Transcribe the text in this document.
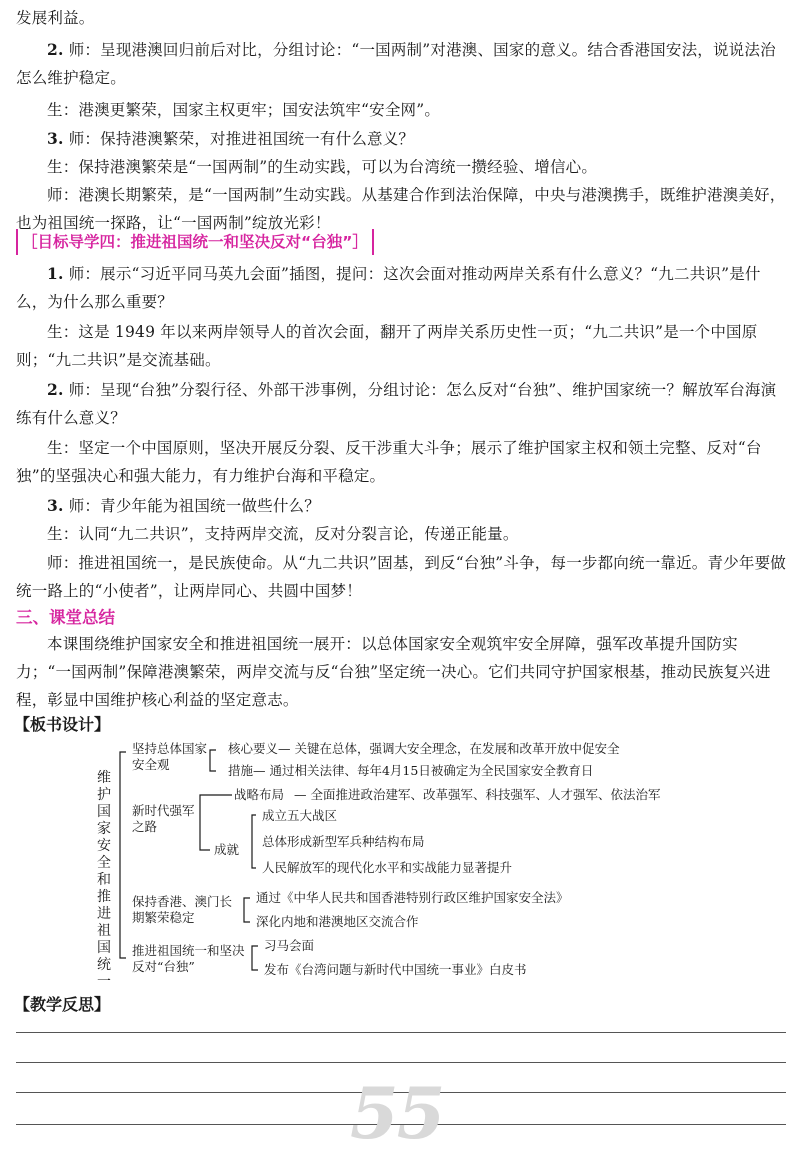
发展利益。
2. 师：呈现港澳回归前后对比，分组讨论：“一国两制”对港澳、国家的意义。结合香港国安法，说说法治怎么维护稳定。
生：港澳更繁荣，国家主权更牢；国安法筑牢“安全网”。
3. 师：保持港澳繁荣，对推进祖国统一有什么意义？
生：保持港澳繁荣是“一国两制”的生动实践，可以为台湾统一攒经验、增信心。
师：港澳长期繁荣，是“一国两制”生动实践。从基建合作到法治保障，中央与港澳携手，既维护港澳美好，也为祖国统一探路，让“一国两制”绽放光彩！
［目标导学四：推进祖国统一和坚决反对“台独”］
1. 师：展示“习近平同马英九会面”插图，提问：这次会面对推动两岸关系有什么意义？“九二共识”是什么，为什么那么重要？
生：这是 1949 年以来两岸领导人的首次会面，翻开了两岸关系历史性一页；“九二共识”是一个中国原则；“九二共识”是交流基础。
2. 师：呈现“台独”分裂行径、外部干涉事例，分组讨论：怎么反对“台独”、维护国家统一？解放军台海演练有什么意义？
生：坚定一个中国原则，坚决开展反分裂、反干涉重大斗争；展示了维护国家主权和领土完整、反对“台独”的坚强决心和强大能力，有力维护台海和平稳定。
3. 师：青少年能为祖国统一做些什么？
生：认同“九二共识”，支持两岸交流，反对分裂言论，传递正能量。
师：推进祖国统一，是民族使命。从“九二共识”固基，到反“台独”斗争，每一步都向统一靠近。青少年要做统一路上的“小使者”，让两岸同心、共圆中国梦！
三、课堂总结
本课围绕维护国家安全和推进祖国统一展开：以总体国家安全观筑牢安全屏障，强军改革提升国防实力；“一国两制”保障港澳繁荣，两岸交流与反“台独”坚定统一决心。它们共同守护国家根基，推动民族复兴进程，彰显中国维护核心利益的坚定意志。
【板书设计】
维护国家安全和推进祖国统一
坚持总体国家安全观
核心要义— 关键在总体，强调大安全理念，在发展和改革开放中促安全
措施— 通过相关法律、每年4月15日被确定为全民国家安全教育日
新时代强军之路
战略布局 — 全面推进政治建军、改革强军、科技强军、人才强军、依法治军
成就
成立五大战区
总体形成新型军兵种结构布局
人民解放军的现代化水平和实战能力显著提升
保持香港、澳门长期繁荣稳定
通过《中华人民共和国香港特别行政区维护国家安全法》
深化内地和港澳地区交流合作
推进祖国统一和坚决反对“台独”
习马会面
发布《台湾问题与新时代中国统一事业》白皮书
【教学反思】
55
